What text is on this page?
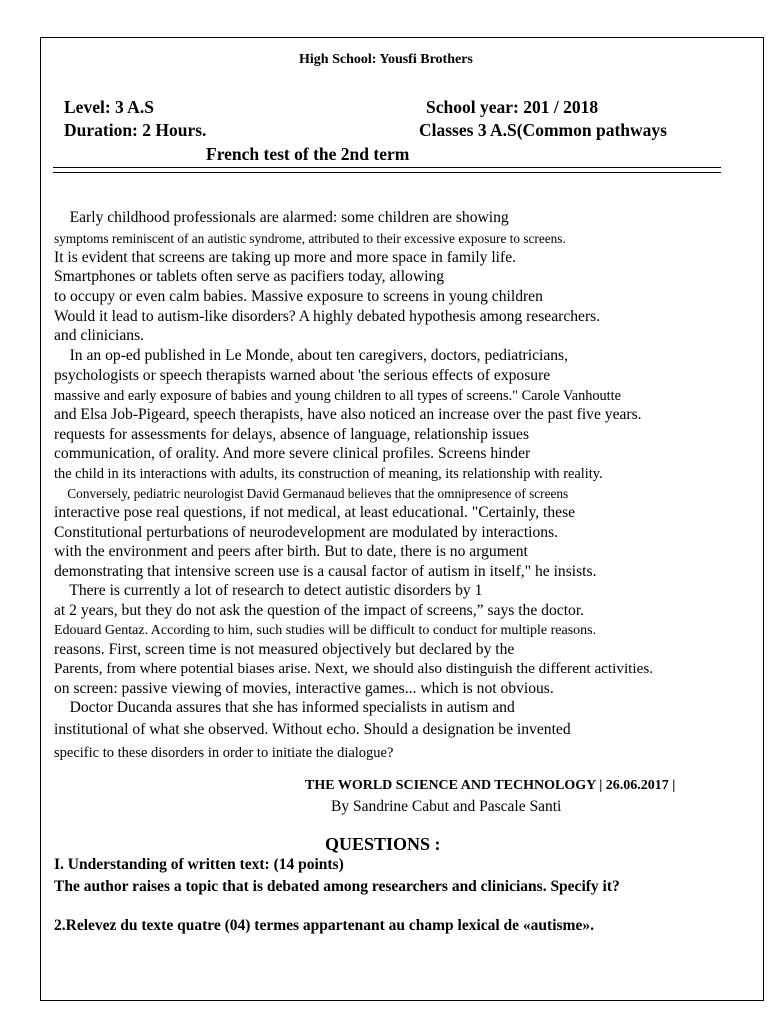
High School: Yousfi Brothers
Level: 3 A.S	School year: 201 / 2018
Duration: 2 Hours.	Classes 3 A.S(Common pathways
French test of the 2nd term
Early childhood professionals are alarmed: some children are showing
symptoms reminiscent of an autistic syndrome, attributed to their excessive exposure to screens.
It is evident that screens are taking up more and more space in family life.
Smartphones or tablets often serve as pacifiers today, allowing
to occupy or even calm babies. Massive exposure to screens in young children
Would it lead to autism-like disorders? A highly debated hypothesis among researchers.
and clinicians.
In an op-ed published in Le Monde, about ten caregivers, doctors, pediatricians,
psychologists or speech therapists warned about 'the serious effects of exposure
massive and early exposure of babies and young children to all types of screens." Carole Vanhoutte
and Elsa Job-Pigeard, speech therapists, have also noticed an increase over the past five years.
requests for assessments for delays, absence of language, relationship issues
communication, of orality. And more severe clinical profiles. Screens hinder
the child in its interactions with adults, its construction of meaning, its relationship with reality.
Conversely, pediatric neurologist David Germanaud believes that the omnipresence of screens
interactive pose real questions, if not medical, at least educational. "Certainly, these
Constitutional perturbations of neurodevelopment are modulated by interactions.
with the environment and peers after birth. But to date, there is no argument
demonstrating that intensive screen use is a causal factor of autism in itself," he insists.
There is currently a lot of research to detect autistic disorders by 1
at 2 years, but they do not ask the question of the impact of screens,” says the doctor.
Edouard Gentaz. According to him, such studies will be difficult to conduct for multiple reasons.
reasons. First, screen time is not measured objectively but declared by the
Parents, from where potential biases arise. Next, we should also distinguish the different activities.
on screen: passive viewing of movies, interactive games... which is not obvious.
Doctor Ducanda assures that she has informed specialists in autism and
institutional of what she observed. Without echo. Should a designation be invented
specific to these disorders in order to initiate the dialogue?
THE WORLD SCIENCE AND TECHNOLOGY | 26.06.2017 |
By Sandrine Cabut and Pascale Santi
QUESTIONS :
I. Understanding of written text: (14 points)
The author raises a topic that is debated among researchers and clinicians. Specify it?
2.Relevez du texte quatre (04) termes appartenant au champ lexical de «autisme».
